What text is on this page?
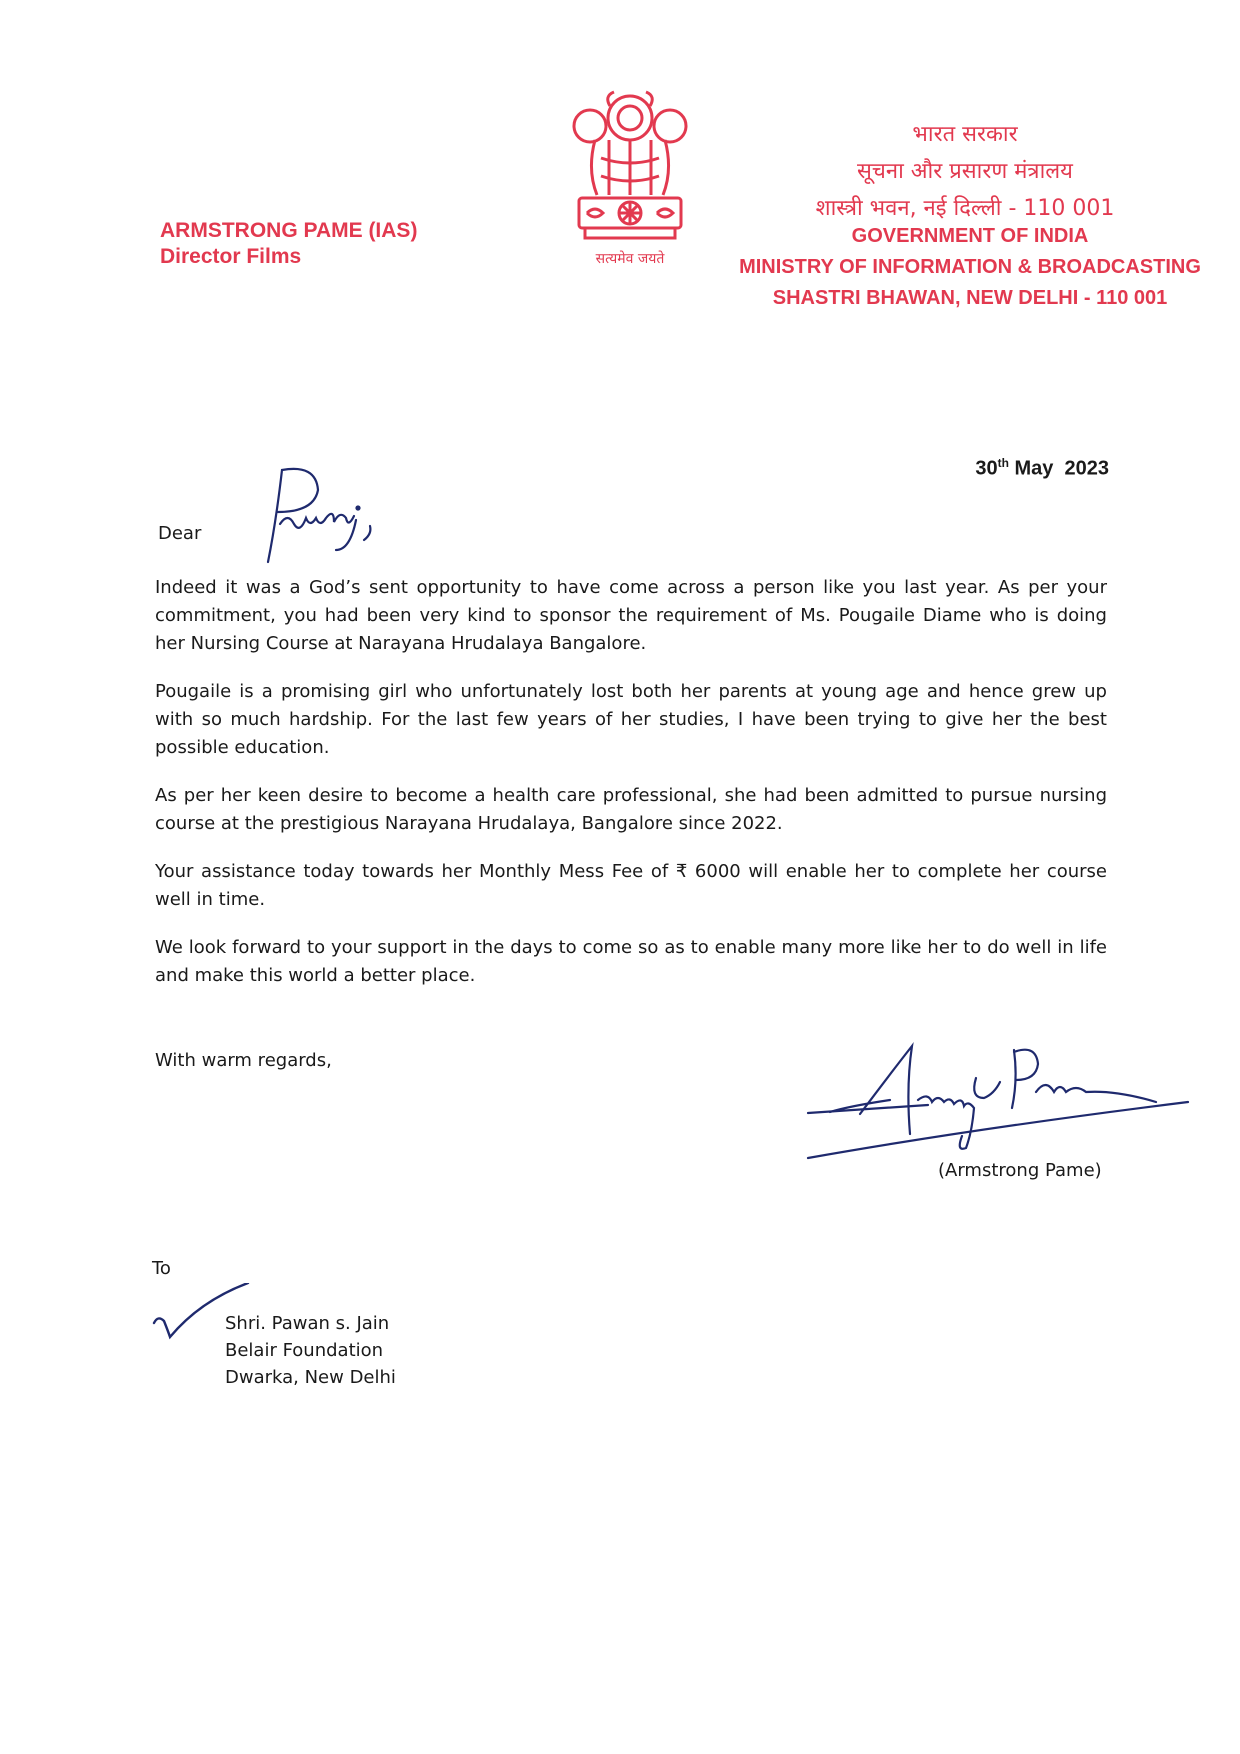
ARMSTRONG PAME (IAS)
Director Films	सत्यमेव जयते
भारत सरकार
सूचना और प्रसारण मंत्रालय
शास्त्री भवन, नई दिल्ली - 110 001
GOVERNMENT OF INDIA
MINISTRY OF INFORMATION & BROADCASTING
SHASTRI BHAWAN, NEW DELHI - 110 001
30th May  2023
Dear

Indeed it was a God’s sent opportunity to have come across a person like you last year. As per your commitment, you had been very kind to sponsor the requirement of Ms. Pougaile Diame who is doing her Nursing Course at Narayana Hrudalaya Bangalore.

Pougaile is a promising girl who unfortunately lost both her parents at young age and hence grew up with so much hardship. For the last few years of her studies, I have been trying to give her the best possible education.

As per her keen desire to become a health care professional, she had been admitted to pursue nursing course at the prestigious Narayana Hrudalaya, Bangalore since 2022.

Your assistance today towards her Monthly Mess Fee of ₹ 6000 will enable her to complete her course well in time.

We look forward to your support in the days to come so as to enable many more like her to do well in life and make this world a better place.

With warm regards,
(Armstrong Pame)
To
Shri. Pawan s. Jain
Belair Foundation
Dwarka, New Delhi
